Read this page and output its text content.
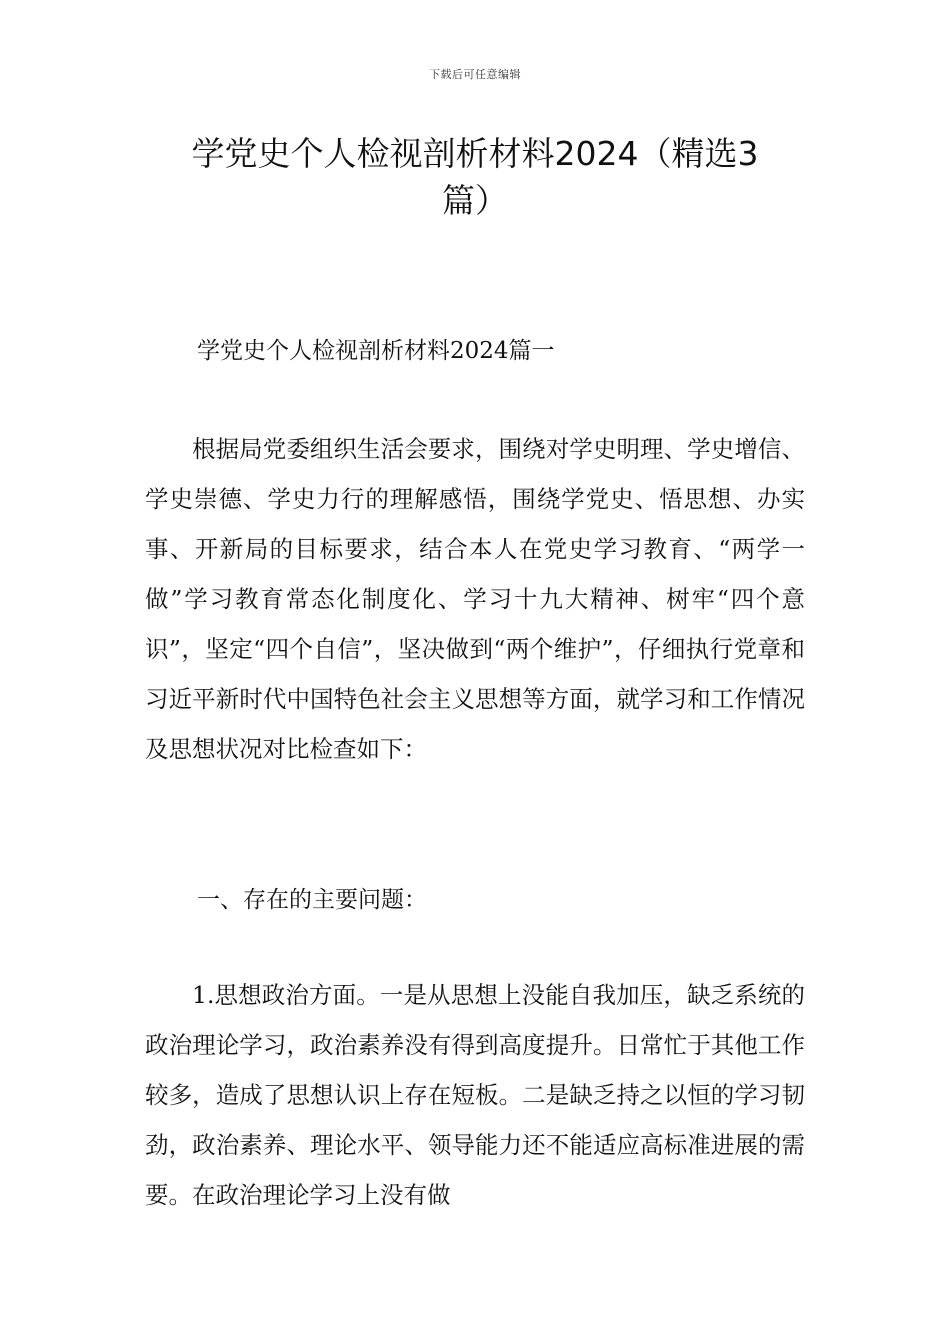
下载后可任意编辑
学党史个人检视剖析材料2024（精选3篇）

学党史个人检视剖析材料2024篇一

根据局党委组织生活会要求，围绕对学史明理、学史增信、学史崇德、学史力行的理解感悟，围绕学党史、悟思想、办实事、开新局的目标要求，结合本人在党史学习教育、“两学一做”学习教育常态化制度化、学习十九大精神、树牢“四个意识”，坚定“四个自信”，坚决做到“两个维护”，仔细执行党章和习近平新时代中国特色社会主义思想等方面，就学习和工作情况及思想状况对比检查如下：

一、存在的主要问题：

1.思想政治方面。一是从思想上没能自我加压，缺乏系统的政治理论学习，政治素养没有得到高度提升。日常忙于其他工作较多，造成了思想认识上存在短板。二是缺乏持之以恒的学习韧劲，政治素养、理论水平、领导能力还不能适应高标准进展的需要。在政治理论学习上没有做
